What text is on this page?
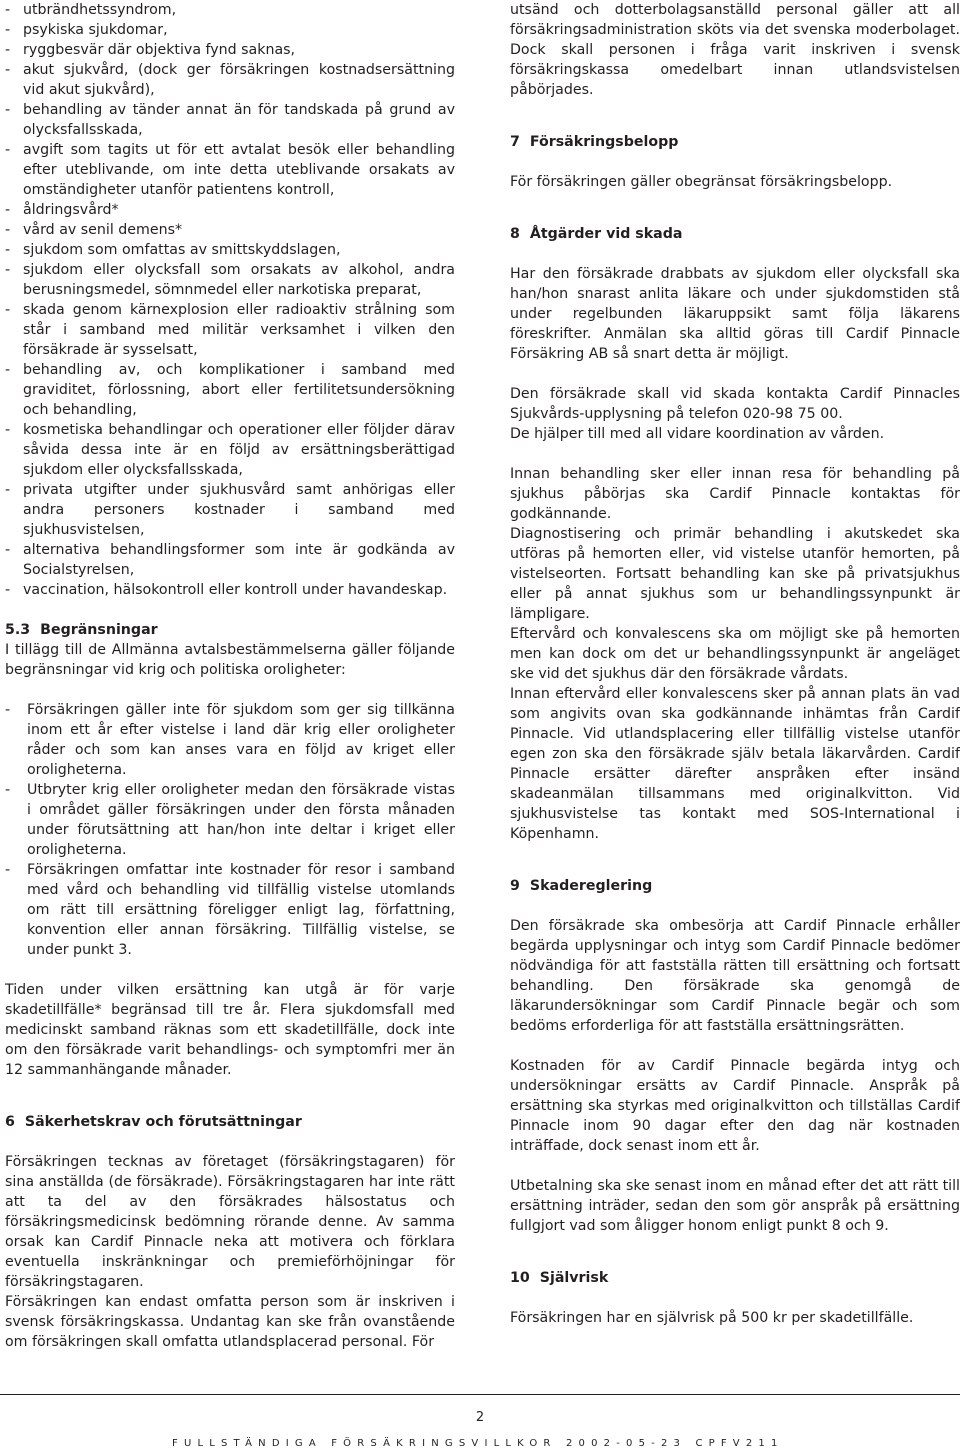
- utbrändhetssyndrom,

- psykiska sjukdomar,

- ryggbesvär där objektiva fynd saknas,

- akut sjukvård, (dock ger försäkringen kostnadsersättning vid akut sjukvård),

- behandling av tänder annat än för tandskada på grund av olycksfallsskada,

- avgift som tagits ut för ett avtalat besök eller behandling efter uteblivande, om inte detta uteblivande orsakats av omständigheter utanför patientens kontroll,

- åldringsvård*

- vård av senil demens*

- sjukdom som omfattas av smittskyddslagen,

- sjukdom eller olycksfall som orsakats av alkohol, andra berusningsmedel, sömnmedel eller narkotiska preparat,

- skada genom kärnexplosion eller radioaktiv strålning som står i samband med militär verksamhet i vilken den försäkrade är sysselsatt,

- behandling av, och komplikationer i samband med graviditet, förlossning, abort eller fertilitetsundersökning och behandling,

- kosmetiska behandlingar och operationer eller följder därav såvida dessa inte är en följd av ersättningsberättigad sjukdom eller olycksfallsskada,

- privata utgifter under sjukhusvård samt anhörigas eller andra personers kostnader i samband med sjukhusvistelsen,

- alternativa behandlingsformer som inte är godkända av Socialstyrelsen,

- vaccination, hälsokontroll eller kontroll under havandeskap.

5.3 Begränsningar

I tillägg till de Allmänna avtalsbestämmelserna gäller följande begränsningar vid krig och politiska oroligheter:

- Försäkringen gäller inte för sjukdom som ger sig tillkänna inom ett år efter vistelse i land där krig eller oroligheter råder och som kan anses vara en följd av kriget eller oroligheterna.

- Utbryter krig eller oroligheter medan den försäkrade vistas i området gäller försäkringen under den första månaden under förutsättning att han/hon inte deltar i kriget eller oroligheterna.

- Försäkringen omfattar inte kostnader för resor i samband med vård och behandling vid tillfällig vistelse utomlands om rätt till ersättning föreligger enligt lag, författning, konvention eller annan försäkring. Tillfällig vistelse, se under punkt 3.

Tiden under vilken ersättning kan utgå är för varje skadetillfälle* begränsad till tre år. Flera sjukdomsfall med medicinskt samband räknas som ett skadetillfälle, dock inte om den försäkrade varit behandlings- och symptomfri mer än 12 sammanhängande månader.

6 Säkerhetskrav och förutsättningar

Försäkringen tecknas av företaget (försäkringstagaren) för sina anställda (de försäkrade). Försäkringstagaren har inte rätt att ta del av den försäkrades hälsostatus och försäkringsmedicinsk bedömning rörande denne. Av samma orsak kan Cardif Pinnacle neka att motivera och förklara eventuella inskränkningar och premieförhöjningar för försäkringstagaren.

Försäkringen kan endast omfatta person som är inskriven i svensk försäkringskassa. Undantag kan ske från ovanstående om försäkringen skall omfatta utlandsplacerad personal. För

utsänd och dotterbolagsanställd personal gäller att all försäkringsadministration sköts via det svenska moderbolaget. Dock skall personen i fråga varit inskriven i svensk försäkringskassa omedelbart innan utlandsvistelsen påbörjades.

7 Försäkringsbelopp

För försäkringen gäller obegränsat försäkringsbelopp.

8 Åtgärder vid skada

Har den försäkrade drabbats av sjukdom eller olycksfall ska han/hon snarast anlita läkare och under sjukdomstiden stå under regelbunden läkaruppsikt samt följa läkarens föreskrifter. Anmälan ska alltid göras till Cardif Pinnacle Försäkring AB så snart detta är möjligt.

Den försäkrade skall vid skada kontakta Cardif Pinnacles Sjukvårds-upplysning på telefon 020-98 75 00.

De hjälper till med all vidare koordination av vården.

Innan behandling sker eller innan resa för behandling på sjukhus påbörjas ska Cardif Pinnacle kontaktas för godkännande.

Diagnostisering och primär behandling i akutskedet ska utföras på hemorten eller, vid vistelse utanför hemorten, på vistelseorten. Fortsatt behandling kan ske på privatsjukhus eller på annat sjukhus som ur behandlingssynpunkt är lämpligare.

Eftervård och konvalescens ska om möjligt ske på hemorten men kan dock om det ur behandlingssynpunkt är angeläget ske vid det sjukhus där den försäkrade vårdats.

Innan eftervård eller konvalescens sker på annan plats än vad som angivits ovan ska godkännande inhämtas från Cardif Pinnacle. Vid utlandsplacering eller tillfällig vistelse utanför egen zon ska den försäkrade själv betala läkarvården. Cardif Pinnacle ersätter därefter anspråken efter insänd skadeanmälan tillsammans med originalkvitton. Vid sjukhusvistelse tas kontakt med SOS-International i Köpenhamn.

9 Skadereglering

Den försäkrade ska ombesörja att Cardif Pinnacle erhåller begärda upplysningar och intyg som Cardif Pinnacle bedömer nödvändiga för att fastställa rätten till ersättning och fortsatt behandling. Den försäkrade ska genomgå de läkarundersökningar som Cardif Pinnacle begär och som bedöms erforderliga för att fastställa ersättningsrätten.

Kostnaden för av Cardif Pinnacle begärda intyg och undersökningar ersätts av Cardif Pinnacle. Anspråk på ersättning ska styrkas med originalkvitton och tillställas Cardif Pinnacle inom 90 dagar efter den dag när kostnaden inträffade, dock senast inom ett år.

Utbetalning ska ske senast inom en månad efter det att rätt till ersättning inträder, sedan den som gör anspråk på ersättning fullgjort vad som åligger honom enligt punkt 8 och 9.

10 Självrisk

Försäkringen har en självrisk på 500 kr per skadetillfälle.

2
FULLSTÄNDIGA FÖRSÄKRINGSVILLKOR 2002-05-23 CPFV211
